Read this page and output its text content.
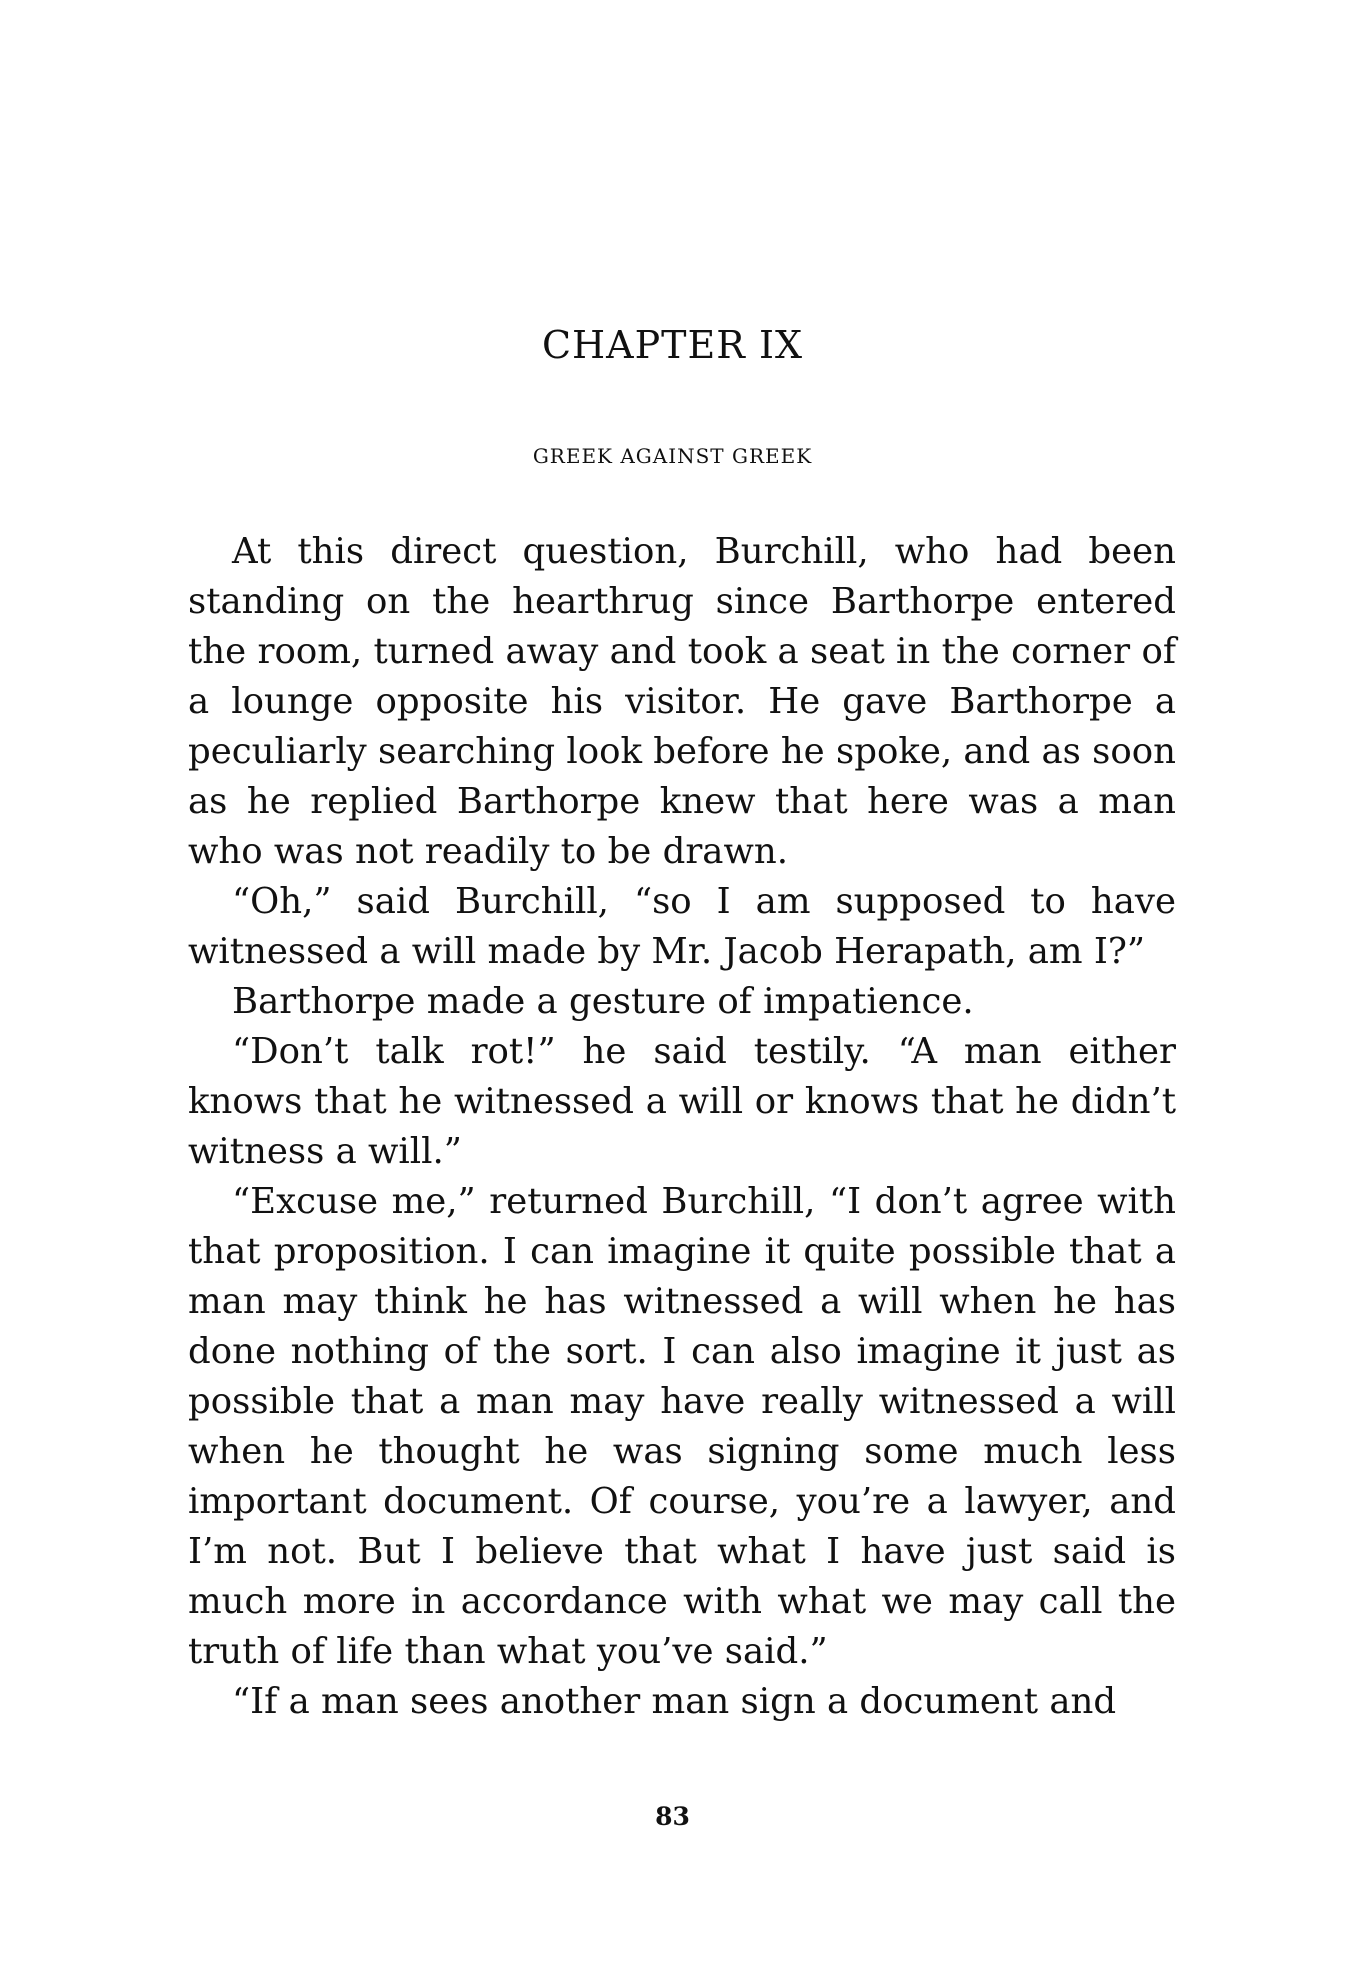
CHAPTER IX
GREEK AGAINST GREEK

At this direct question, Burchill, who had been standing on the hearthrug since Barthorpe entered the room, turned away and took a seat in the corner of a lounge opposite his visitor. He gave Barthorpe a peculiarly searching look before he spoke, and as soon as he replied Barthorpe knew that here was a man who was not readily to be drawn.

“Oh,” said Burchill, “so I am supposed to have witnessed a will made by Mr. Jacob Herapath, am I?”

Barthorpe made a gesture of impatience.

“Don’t talk rot!” he said testily. “A man either knows that he witnessed a will or knows that he didn’t witness a will.”

“Excuse me,” returned Burchill, “I don’t agree with that proposition. I can imagine it quite possible that a man may think he has witnessed a will when he has done nothing of the sort. I can also imagine it just as possible that a man may have really witnessed a will when he thought he was signing some much less important document. Of course, you’re a lawyer, and I’m not. But I believe that what I have just said is much more in accordance with what we may call the truth of life than what you’ve said.”

“If a man sees another man sign a document and

83
